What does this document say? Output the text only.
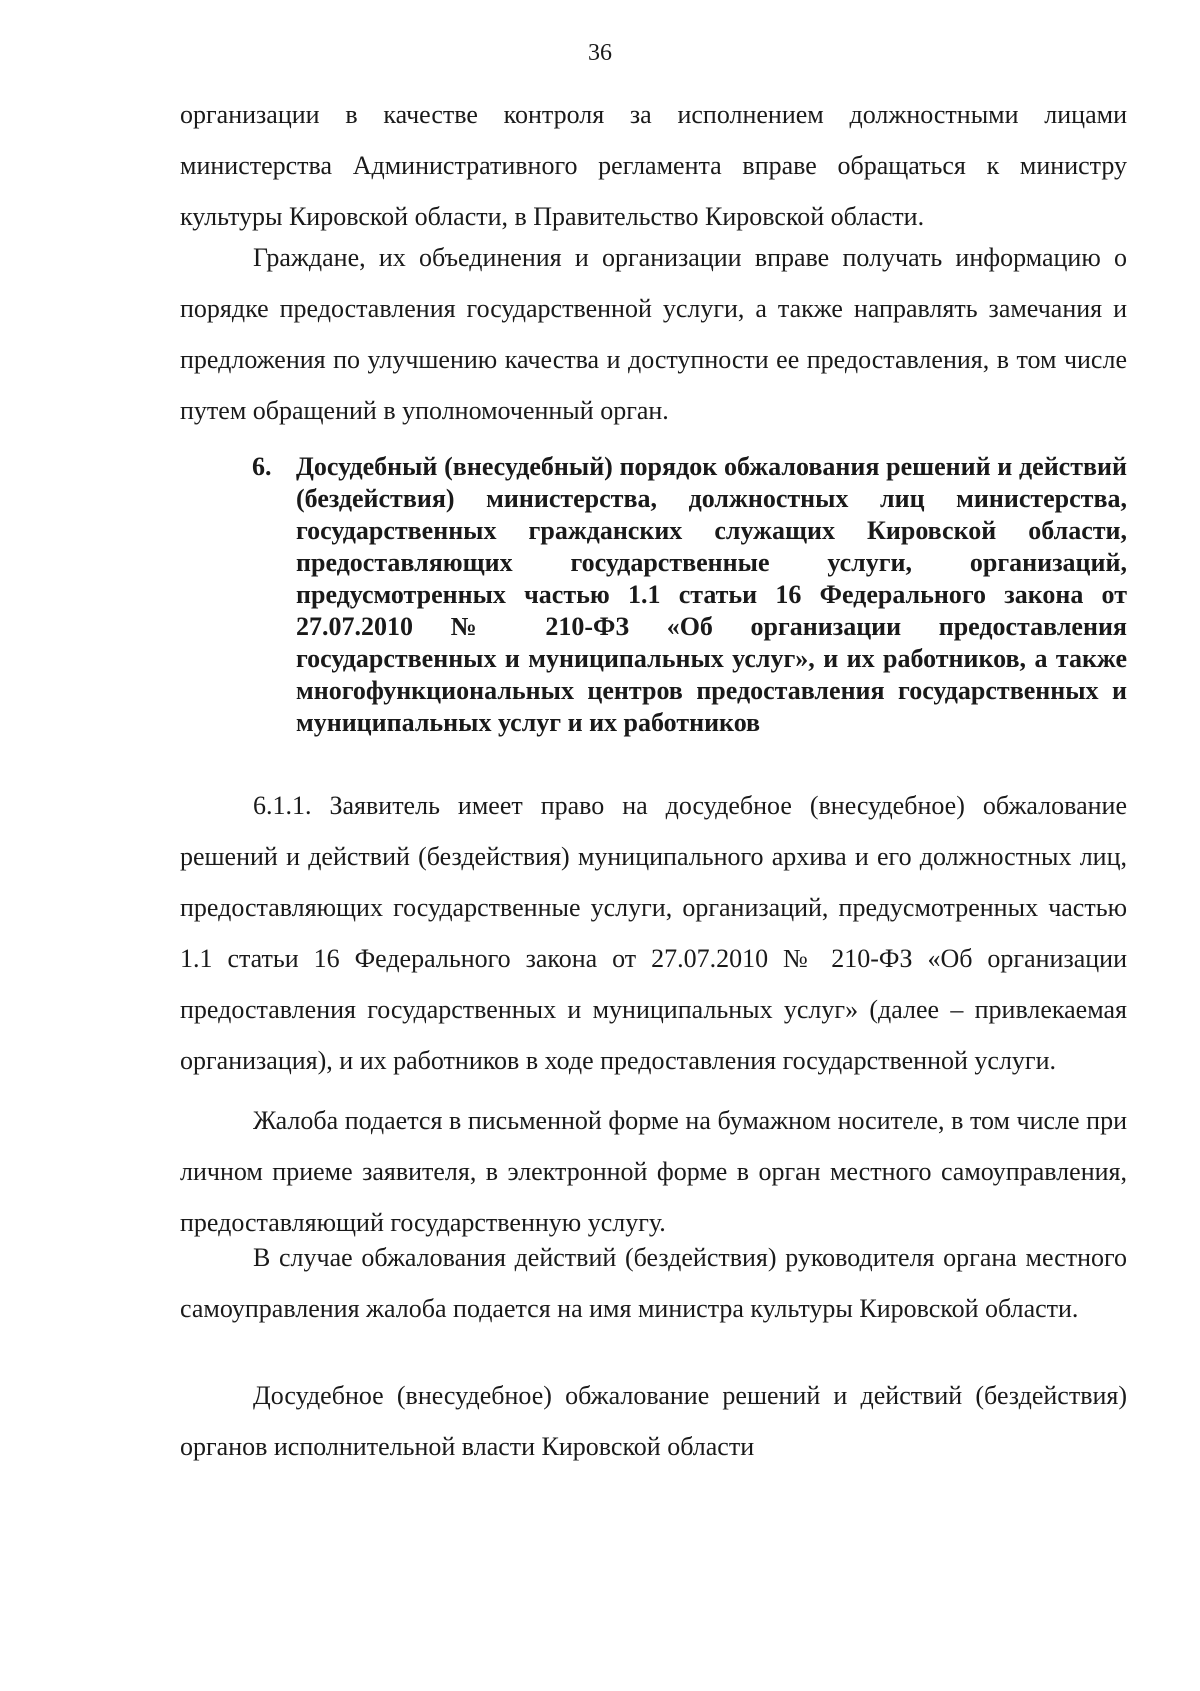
36

организации в качестве контроля за исполнением должностными лицами министерства Административного регламента вправе обращаться к министру культуры Кировской области, в Правительство Кировской области.

Граждане, их объединения и организации вправе получать информацию о порядке предоставления государственной услуги, а также направлять замечания и предложения по улучшению качества и доступности ее предоставления, в том числе путем обращений в уполномоченный орган.

6. Досудебный (внесудебный) порядок обжалования решений и действий (бездействия) министерства, должностных лиц министерства, государственных гражданских служащих Кировской области, предоставляющих государственные услуги, организаций, предусмотренных частью 1.1 статьи 16 Федерального закона от 27.07.2010 № 210-ФЗ «Об организации предоставления государственных и муниципальных услуг», и их работников, а также многофункциональных центров предоставления государственных и муниципальных услуг и их работников

6.1.1. Заявитель имеет право на досудебное (внесудебное) обжалование решений и действий (бездействия) муниципального архива и его должностных лиц, предоставляющих государственные услуги, организаций, предусмотренных частью 1.1 статьи 16 Федерального закона от 27.07.2010 № 210-ФЗ «Об организации предоставления государственных и муниципальных услуг» (далее – привлекаемая организация), и их работников в ходе предоставления государственной услуги.

Жалоба подается в письменной форме на бумажном носителе, в том числе при личном приеме заявителя, в электронной форме в орган местного самоуправления, предоставляющий государственную услугу.

В случае обжалования действий (бездействия) руководителя органа местного самоуправления жалоба подается на имя министра культуры Кировской области.

Досудебное (внесудебное) обжалование решений и действий (бездействия) органов исполнительной власти Кировской области
